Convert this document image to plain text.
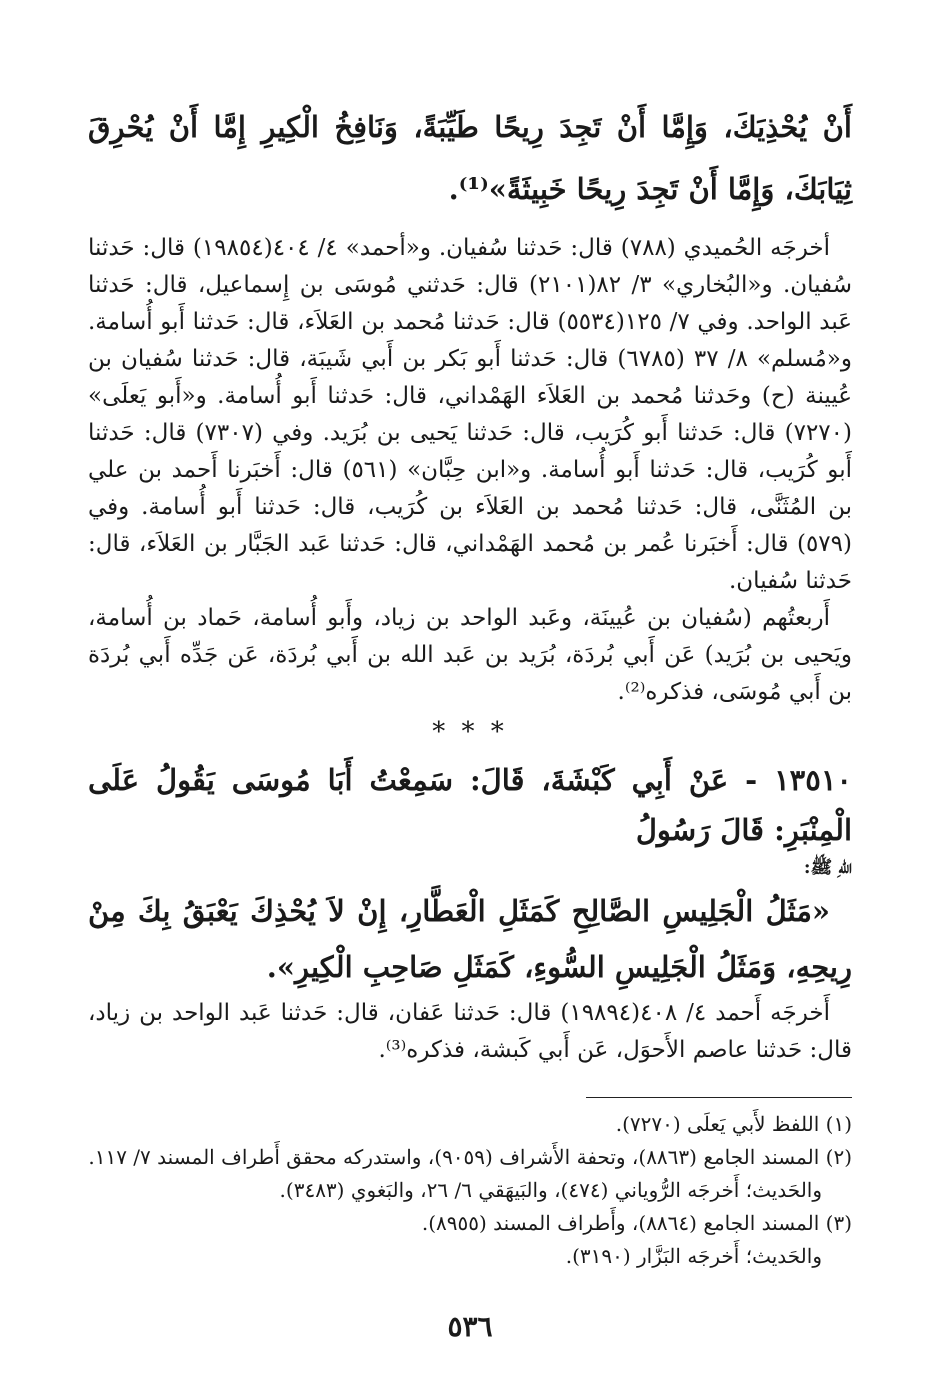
أَنْ يُحْذِيَكَ، وَإِمَّا أَنْ تَجِدَ رِيحًا طَيِّبَةً، وَنَافِخُ الْكِيرِ إِمَّا أَنْ يُحْرِقَ ثِيَابَكَ، وَإِمَّا أَنْ تَجِدَ رِيحًا خَبِيثَةً»⁽¹⁾.

أخرجَه الحُميدي (٧٨٨) قال: حَدثنا سُفيان. و«أحمد» ٤/ ٤٠٤(١٩٨٥٤) قال: حَدثنا سُفيان. و«البُخاري» ٣/ ٨٢(٢١٠١) قال: حَدثني مُوسَى بن إِسماعيل، قال: حَدثنا عَبد الواحد. وفي ٧/ ١٢٥(٥٥٣٤) قال: حَدثنا مُحمد بن العَلاَء، قال: حَدثنا أَبو أُسامة. و«مُسلم» ٨/ ٣٧ (٦٧٨٥) قال: حَدثنا أَبو بَكر بن أَبي شَيبَة، قال: حَدثنا سُفيان بن عُيينة (ح) وحَدثنا مُحمد بن العَلاَء الهَمْداني، قال: حَدثنا أَبو أُسامة. و«أَبو يَعلَى» (٧٢٧٠) قال: حَدثنا أَبو كُرَيب، قال: حَدثنا يَحيى بن بُرَيد. وفي (٧٣٠٧) قال: حَدثنا أَبو كُرَيب، قال: حَدثنا أَبو أُسامة. و«ابن حِبَّان» (٥٦١) قال: أَخبَرنا أَحمد بن علي بن المُثَنَّى، قال: حَدثنا مُحمد بن العَلاَء بن كُرَيب، قال: حَدثنا أَبو أُسامة. وفي (٥٧٩) قال: أَخبَرنا عُمر بن مُحمد الهَمْداني، قال: حَدثنا عَبد الجَبَّار بن العَلاَء، قال: حَدثنا سُفيان.

أَربعتُهم (سُفيان بن عُيينَة، وعَبد الواحد بن زياد، وأَبو أُسامة، حَماد بن أُسامة، ويَحيى بن بُرَيد) عَن أَبي بُردَة، بُرَيد بن عَبد الله بن أَبي بُردَة، عَن جَدِّه أَبي بُردَة بن أَبي مُوسَى، فذكره⁽²⁾.

* * *

١٣٥١٠ - عَنْ أَبِي كَبْشَةَ، قَالَ: سَمِعْتُ أَبَا مُوسَى يَقُولُ عَلَى الْمِنْبَرِ: قَالَ رَسُولُ

اللهِ ﷺ:

«مَثَلُ الْجَلِيسِ الصَّالِحِ كَمَثَلِ الْعَطَّارِ، إِنْ لاَ يُحْذِكَ يَعْبَقُ بِكَ مِنْ رِيحِهِ، وَمَثَلُ الْجَلِيسِ السُّوءِ، كَمَثَلِ صَاحِبِ الْكِيرِ».

أَخرجَه أَحمد ٤/ ٤٠٨(١٩٨٩٤) قال: حَدثنا عَفان، قال: حَدثنا عَبد الواحد بن زياد، قال: حَدثنا عاصم الأَحوَل، عَن أَبي كَبشة، فذكره⁽³⁾.

(١) اللفظ لأَبي يَعلَى (٧٢٧٠).

(٢) المسند الجامع (٨٨٦٣)، وتحفة الأَشراف (٩٠٥٩)، واستدركه محقق أَطراف المسند ٧/ ١١٧.

والحَديث؛ أَخرجَه الرُّوياني (٤٧٤)، والبَيهَقي ٦/ ٢٦، والبَغوي (٣٤٨٣).

(٣) المسند الجامع (٨٨٦٤)، وأَطراف المسند (٨٩٥٥).

والحَديث؛ أَخرجَه البَزَّار (٣١٩٠).

٥٣٦
